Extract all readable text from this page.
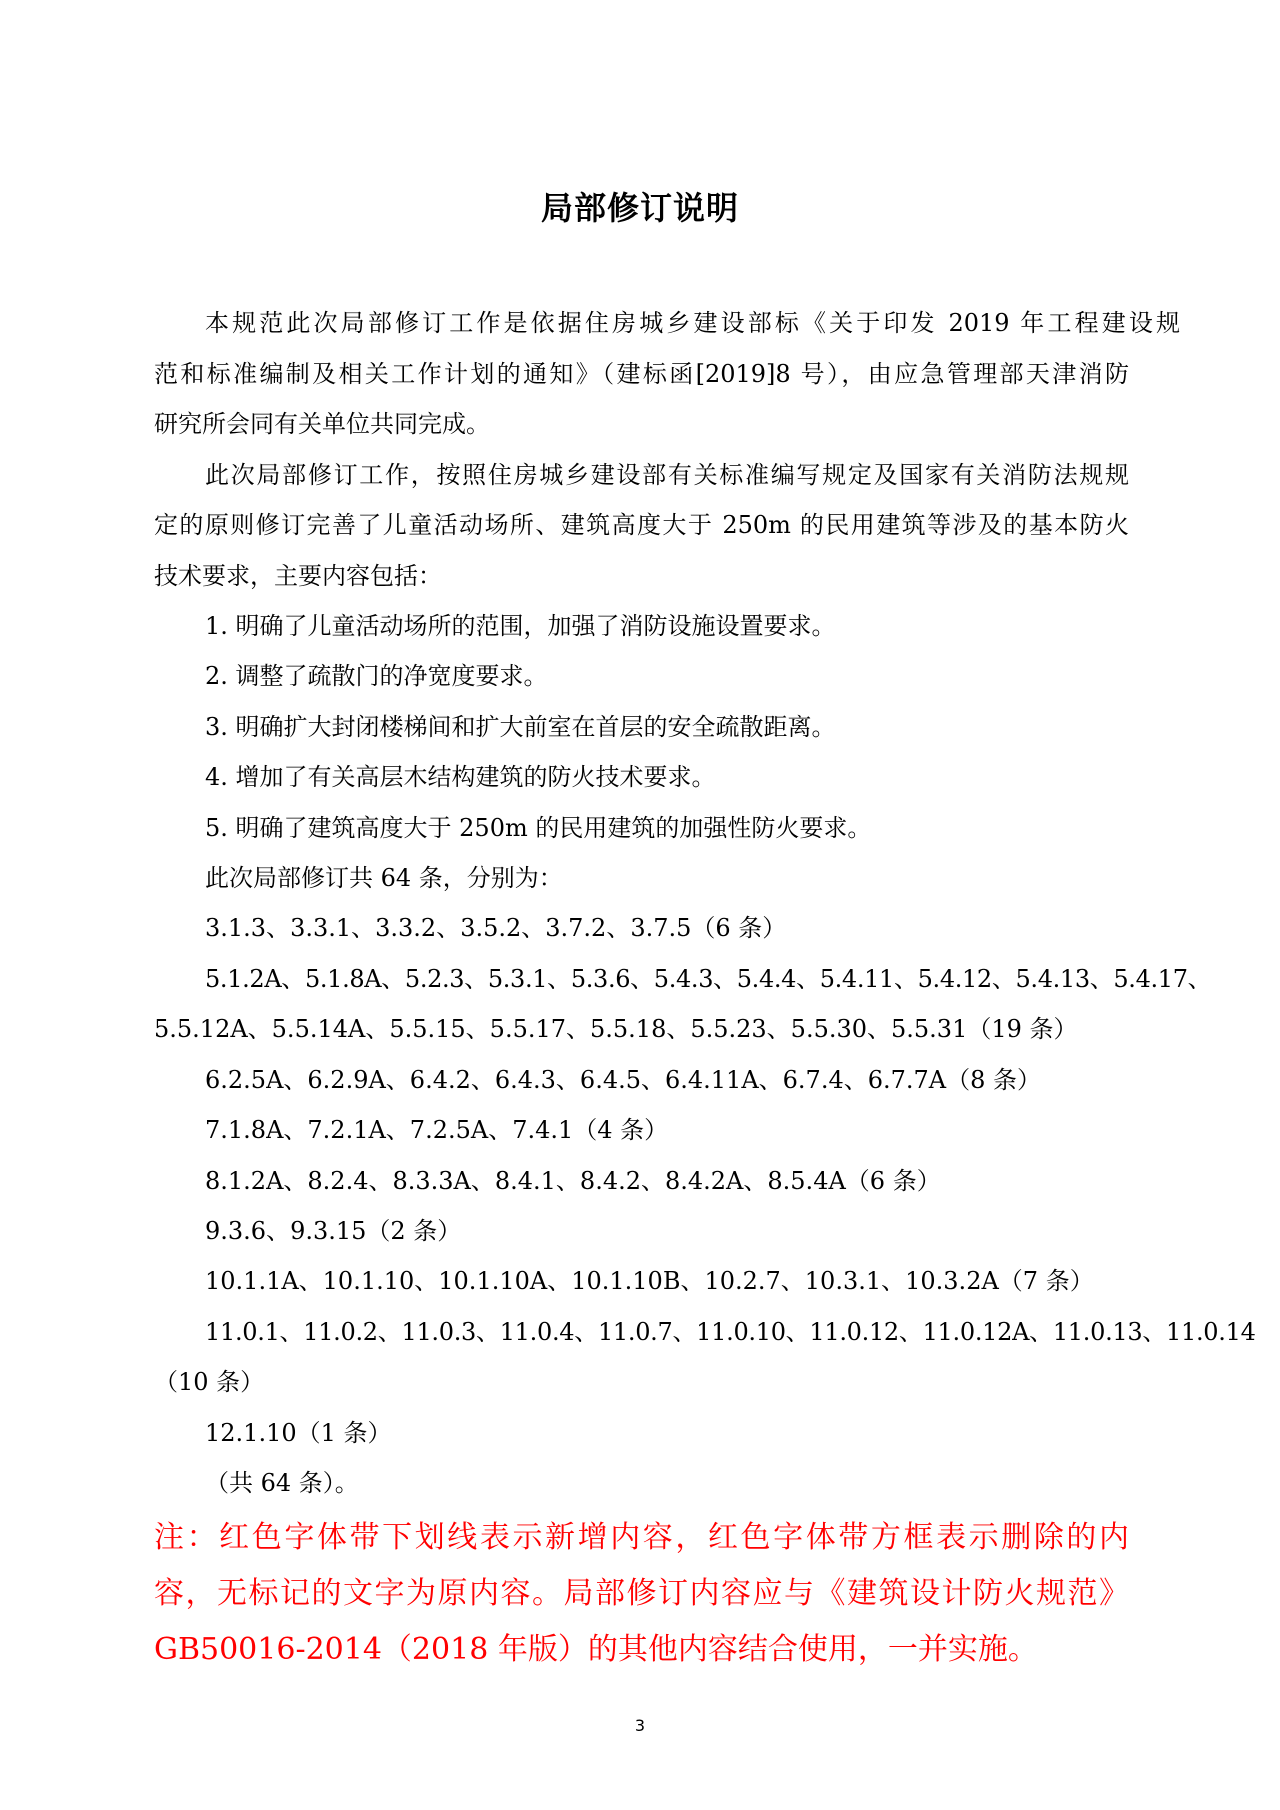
局部修订说明
本规范此次局部修订工作是依据住房城乡建设部标《关于印发 2019 年工程建设规
范和标准编制及相关工作计划的通知》（建标函[2019]8 号），由应急管理部天津消防
研究所会同有关单位共同完成。
此次局部修订工作，按照住房城乡建设部有关标准编写规定及国家有关消防法规规
定的原则修订完善了儿童活动场所、建筑高度大于 250m 的民用建筑等涉及的基本防火
技术要求，主要内容包括：
1. 明确了儿童活动场所的范围，加强了消防设施设置要求。
2. 调整了疏散门的净宽度要求。
3. 明确扩大封闭楼梯间和扩大前室在首层的安全疏散距离。
4. 增加了有关高层木结构建筑的防火技术要求。
5. 明确了建筑高度大于 250m 的民用建筑的加强性防火要求。
此次局部修订共 64 条，分别为：
3.1.3、3.3.1、3.3.2、3.5.2、3.7.2、3.7.5（6 条）
5.1.2A、5.1.8A、5.2.3、5.3.1、5.3.6、5.4.3、5.4.4、5.4.11、5.4.12、5.4.13、5.4.17、
5.5.12A、5.5.14A、5.5.15、5.5.17、5.5.18、5.5.23、5.5.30、5.5.31（19 条）
6.2.5A、6.2.9A、6.4.2、6.4.3、6.4.5、6.4.11A、6.7.4、6.7.7A（8 条）
7.1.8A、7.2.1A、7.2.5A、7.4.1（4 条）
8.1.2A、8.2.4、8.3.3A、8.4.1、8.4.2、8.4.2A、8.5.4A（6 条）
9.3.6、9.3.15（2 条）
10.1.1A、10.1.10、10.1.10A、10.1.10B、10.2.7、10.3.1、10.3.2A（7 条）
11.0.1、11.0.2、11.0.3、11.0.4、11.0.7、11.0.10、11.0.12、11.0.12A、11.0.13、11.0.14
（10 条）
12.1.10（1 条）
（共 64 条）。
注：红色字体带下划线表示新增内容，红色字体带方框表示删除的内
容，无标记的文字为原内容。局部修订内容应与《建筑设计防火规范》
GB50016-2014（2018 年版）的其他内容结合使用，一并实施。
3
